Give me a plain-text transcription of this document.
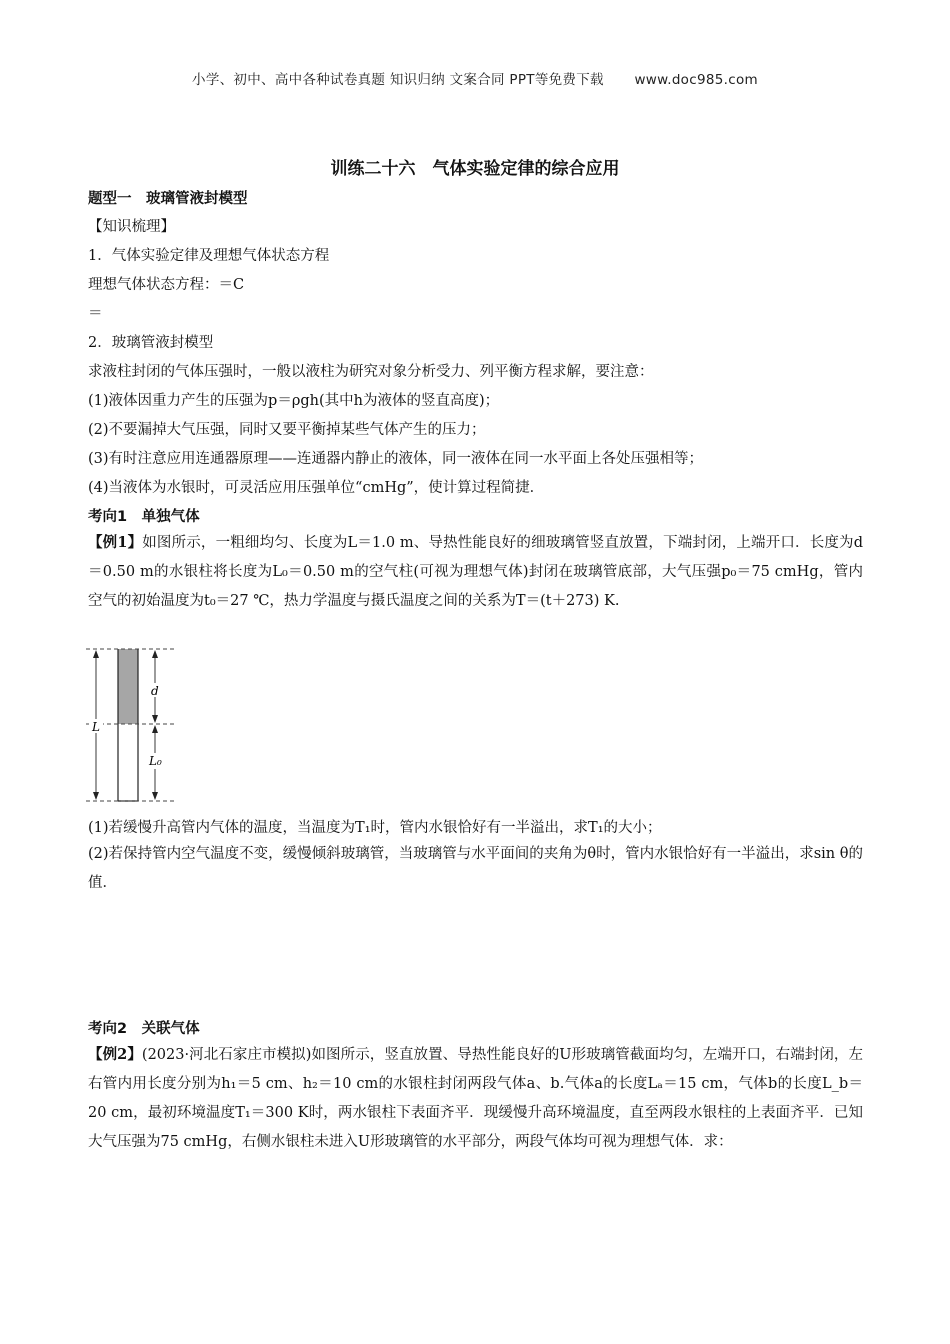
小学、初中、高中各种试卷真题 知识归纳 文案合同 PPT等免费下载 www.doc985.com
训练二十六　气体实验定律的综合应用
题型一　玻璃管液封模型
【知识梳理】
1．气体实验定律及理想气体状态方程
理想气体状态方程：＝C
＝
2．玻璃管液封模型
求液柱封闭的气体压强时，一般以液柱为研究对象分析受力、列平衡方程求解，要注意：
(1)液体因重力产生的压强为p＝ρgh(其中h为液体的竖直高度)；
(2)不要漏掉大气压强，同时又要平衡掉某些气体产生的压力；
(3)有时注意应用连通器原理——连通器内静止的液体，同一液体在同一水平面上各处压强相等；
(4)当液体为水银时，可灵活应用压强单位“cmHg”，使计算过程简捷．
考向1　单独气体
【例1】如图所示，一粗细均匀、长度为L＝1.0 m、导热性能良好的细玻璃管竖直放置，下端封闭，上端开口．长度为d＝0.50 m的水银柱将长度为L₀＝0.50 m的空气柱(可视为理想气体)封闭在玻璃管底部，大气压强p₀＝75 cmHg，管内空气的初始温度为t₀＝27 ℃，热力学温度与摄氏温度之间的关系为T＝(t＋273) K.
L
d
L₀
(1)若缓慢升高管内气体的温度，当温度为T₁时，管内水银恰好有一半溢出，求T₁的大小；
(2)若保持管内空气温度不变，缓慢倾斜玻璃管，当玻璃管与水平面间的夹角为θ时，管内水银恰好有一半溢出，求sin θ的值．
考向2　关联气体
【例2】(2023·河北石家庄市模拟)如图所示，竖直放置、导热性能良好的U形玻璃管截面均匀，左端开口，右端封闭，左右管内用长度分别为h₁＝5 cm、h₂＝10 cm的水银柱封闭两段气体a、b.气体a的长度Lₐ＝15 cm，气体b的长度L_b＝20 cm，最初环境温度T₁＝300 K时，两水银柱下表面齐平．现缓慢升高环境温度，直至两段水银柱的上表面齐平．已知大气压强为75 cmHg，右侧水银柱未进入U形玻璃管的水平部分，两段气体均可视为理想气体．求：
